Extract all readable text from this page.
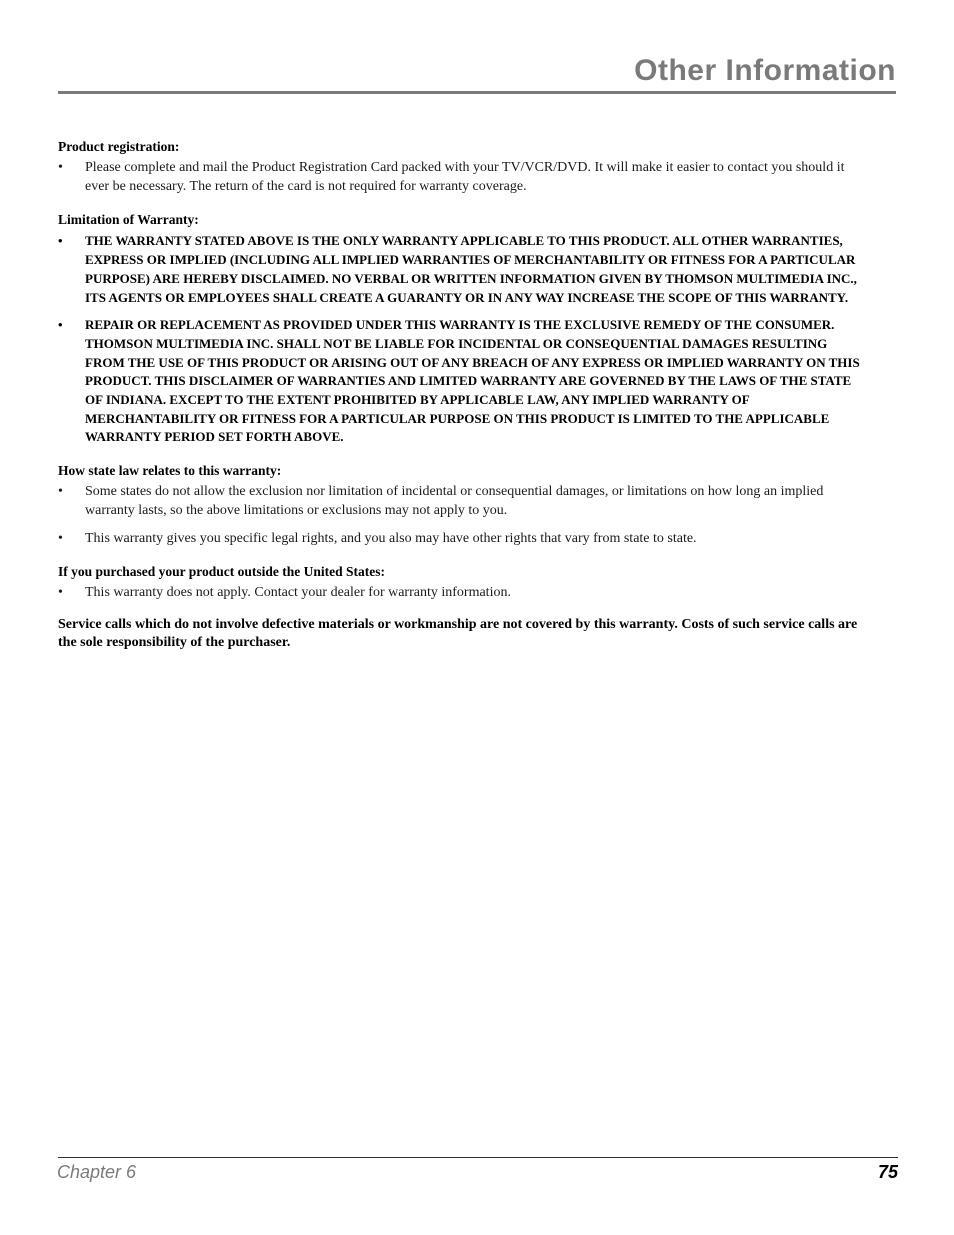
Other Information
Product registration:
•	Please complete and mail the Product Registration Card packed with your TV/VCR/DVD. It will make it easier to contact you should it ever be necessary. The return of the card is not required for warranty coverage.
Limitation of Warranty:
•	THE WARRANTY STATED ABOVE IS THE ONLY WARRANTY APPLICABLE TO THIS PRODUCT. ALL OTHER WARRANTIES, EXPRESS OR IMPLIED (INCLUDING ALL IMPLIED WARRANTIES OF MERCHANTABILITY OR FITNESS FOR A PARTICULAR PURPOSE) ARE HEREBY DISCLAIMED. NO VERBAL OR WRITTEN INFORMATION GIVEN BY THOMSON MULTIMEDIA INC., ITS AGENTS OR EMPLOYEES SHALL CREATE A GUARANTY OR IN ANY WAY INCREASE THE SCOPE OF THIS WARRANTY.
•	REPAIR OR REPLACEMENT AS PROVIDED UNDER THIS WARRANTY IS THE EXCLUSIVE REMEDY OF THE CONSUMER. THOMSON MULTIMEDIA INC. SHALL NOT BE LIABLE FOR INCIDENTAL OR CONSEQUENTIAL DAMAGES RESULTING FROM THE USE OF THIS PRODUCT OR ARISING OUT OF ANY BREACH OF ANY EXPRESS OR IMPLIED WARRANTY ON THIS PRODUCT. THIS DISCLAIMER OF WARRANTIES AND LIMITED WARRANTY ARE GOVERNED BY THE LAWS OF THE STATE OF INDIANA. EXCEPT TO THE EXTENT PROHIBITED BY APPLICABLE LAW, ANY IMPLIED WARRANTY OF MERCHANTABILITY OR FITNESS FOR A PARTICULAR PURPOSE ON THIS PRODUCT IS LIMITED TO THE APPLICABLE WARRANTY PERIOD SET FORTH ABOVE.
How state law relates to this warranty:
•	Some states do not allow the exclusion nor limitation of incidental or consequential damages, or limitations on how long an implied warranty lasts, so the above limitations or exclusions may not apply to you.
•	This warranty gives you specific legal rights, and you also may have other rights that vary from state to state.
If you purchased your product outside the United States:
•	This warranty does not apply. Contact your dealer for warranty information.
Service calls which do not involve defective materials or workmanship are not covered by this warranty. Costs of such service calls are the sole responsibility of the purchaser.
Chapter 6	75
